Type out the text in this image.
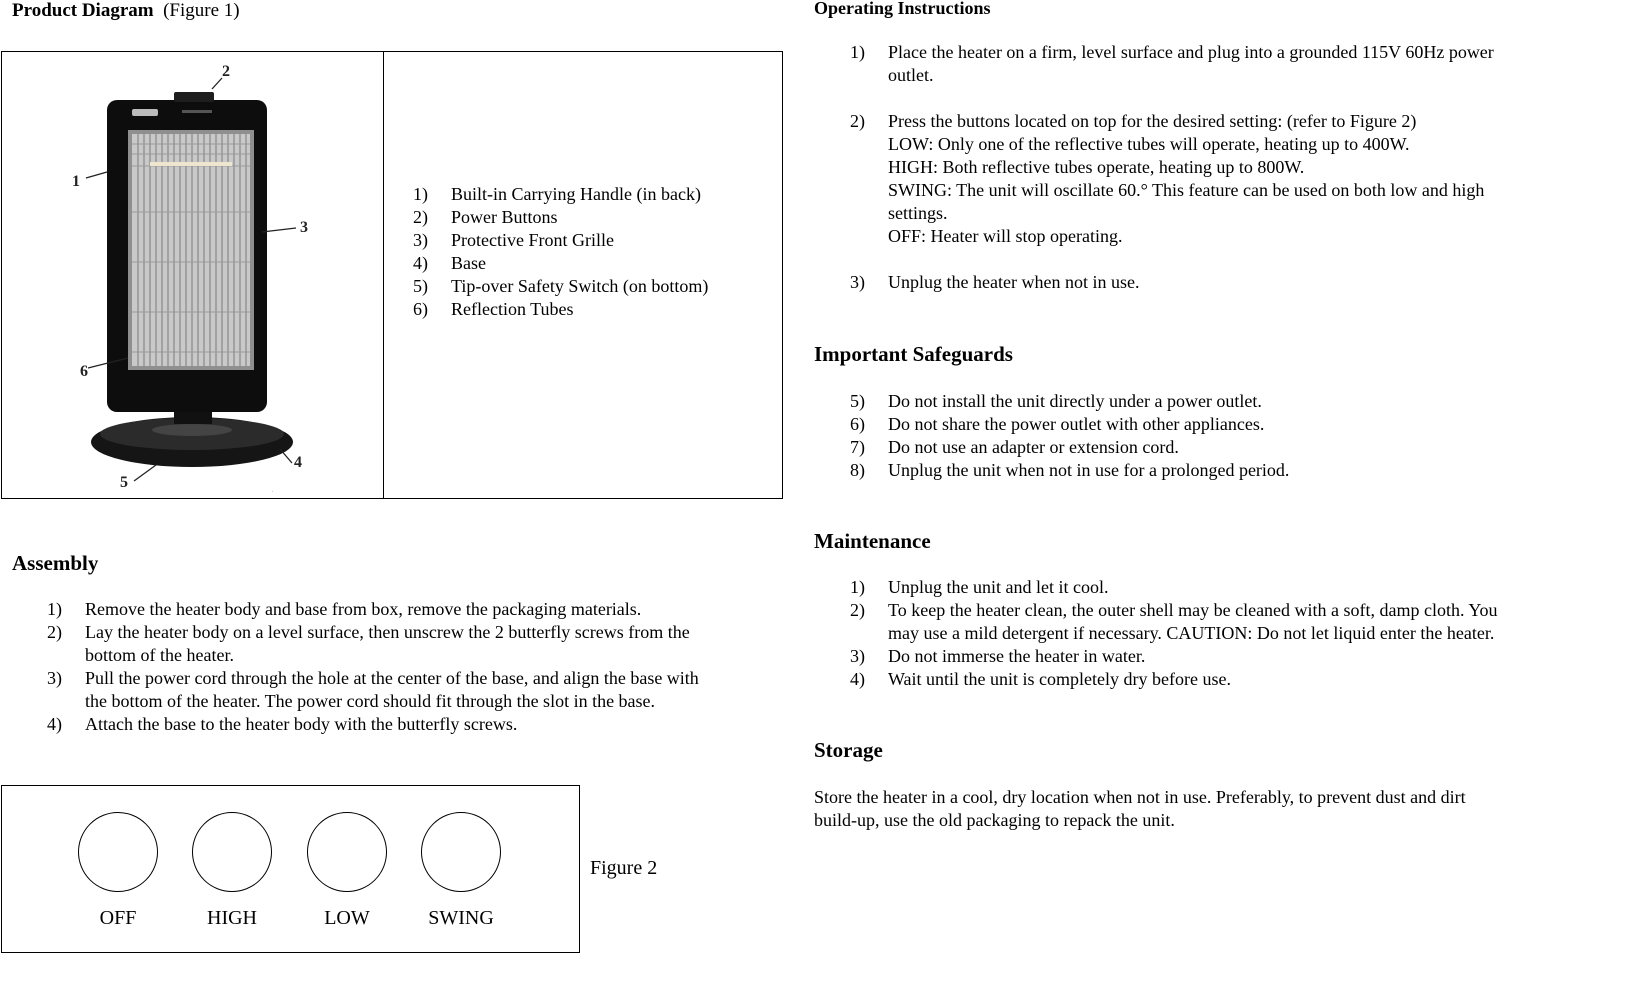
Product Diagram (Figure 1)
1
2
3
6
4
5
1) Built-in Carrying Handle (in back)
2) Power Buttons
3) Protective Front Grille
4) Base
5) Tip-over Safety Switch (on bottom)
6) Reflection Tubes
Assembly
1) Remove the heater body and base from box, remove the packaging materials.
2) Lay the heater body on a level surface, then unscrew the 2 butterfly screws from the
bottom of the heater.
3) Pull the power cord through the hole at the center of the base, and align the base with
the bottom of the heater. The power cord should fit through the slot in the base.
4) Attach the base to the heater body with the butterfly screws.
OFF	HIGH	LOW	SWING
Figure 2
Operating Instructions
1) Place the heater on a firm, level surface and plug into a grounded 115V 60Hz power
outlet.
2) Press the buttons located on top for the desired setting: (refer to Figure 2)
LOW: Only one of the reflective tubes will operate, heating up to 400W.
HIGH: Both reflective tubes operate, heating up to 800W.
SWING: The unit will oscillate 60.° This feature can be used on both low and high
settings.
OFF: Heater will stop operating.
3) Unplug the heater when not in use.
Important Safeguards
5) Do not install the unit directly under a power outlet.
6) Do not share the power outlet with other appliances.
7) Do not use an adapter or extension cord.
8) Unplug the unit when not in use for a prolonged period.
Maintenance
1) Unplug the unit and let it cool.
2) To keep the heater clean, the outer shell may be cleaned with a soft, damp cloth. You
may use a mild detergent if necessary. CAUTION: Do not let liquid enter the heater.
3) Do not immerse the heater in water.
4) Wait until the unit is completely dry before use.
Storage
Store the heater in a cool, dry location when not in use. Preferably, to prevent dust and dirt
build-up, use the old packaging to repack the unit.
